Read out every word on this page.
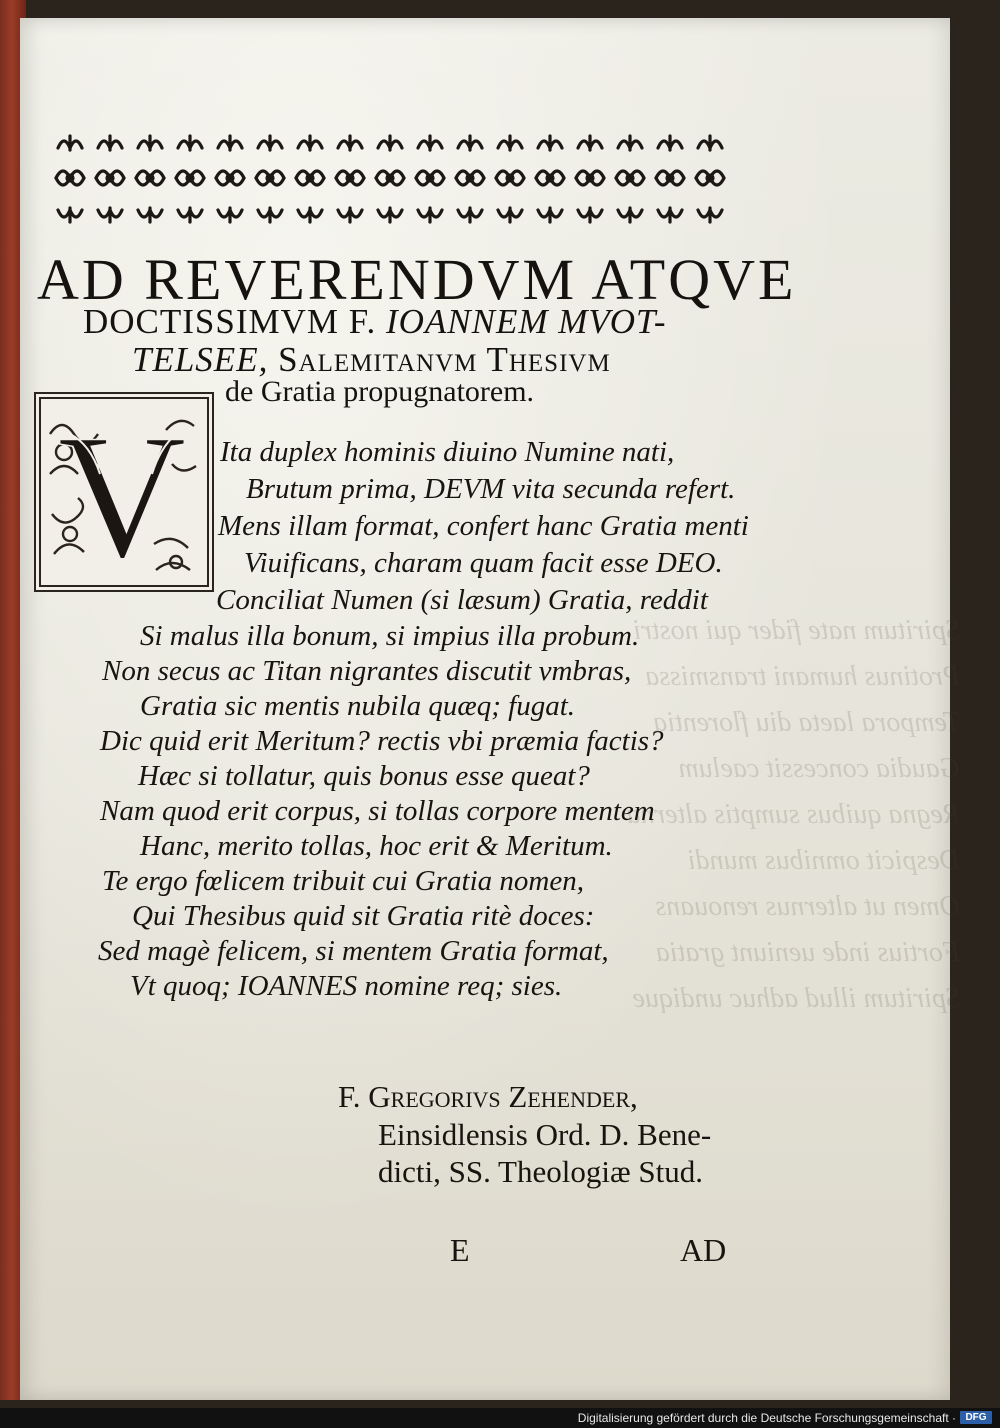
Spiritum nate fider qui nostri
Protinus humani transmissa
Tempora laeta diu florentia
Gaudia concessit caelum
Regna quibus sumptis alterna
Despicit omnibus mundi
Omen ut alternus renouans
Fortius inde ueniunt gratia
Spiritum illud adhuc undique
AD REVERENDVM ATQVE
DOCTISSIMVM F. IOANNEM MVOT-
TELSEE, Salemitanvm Thesivm
de Gratia propugnatorem.
V Ita duplex hominis diuino Numine nati,
Brutum prima, DEVM vita secunda refert.
Mens illam format, confert hanc Gratia menti
Viuificans, charam quam facit esse DEO.
Conciliat Numen (si læsum) Gratia, reddit
Si malus illa bonum, si impius illa probum.
Non secus ac Titan nigrantes discutit vmbras,
Gratia sic mentis nubila quæq; fugat.
Dic quid erit Meritum? rectis vbi præmia factis?
Hæc si tollatur, quis bonus esse queat?
Nam quod erit corpus, si tollas corpore mentem
Hanc, merito tollas, hoc erit & Meritum.
Te ergo fœlicem tribuit cui Gratia nomen,
Qui Thesibus quid sit Gratia ritè doces:
Sed magè felicem, si mentem Gratia format,
Vt quoq; IOANNES nomine req; sies.
F. Gregorivs Zehender,
Einsidlensis Ord. D. Bene-
dicti, SS. Theologiæ Stud.
E	AD
Digitalisierung gefördert durch die Deutsche Forschungsgemeinschaft · DFG
